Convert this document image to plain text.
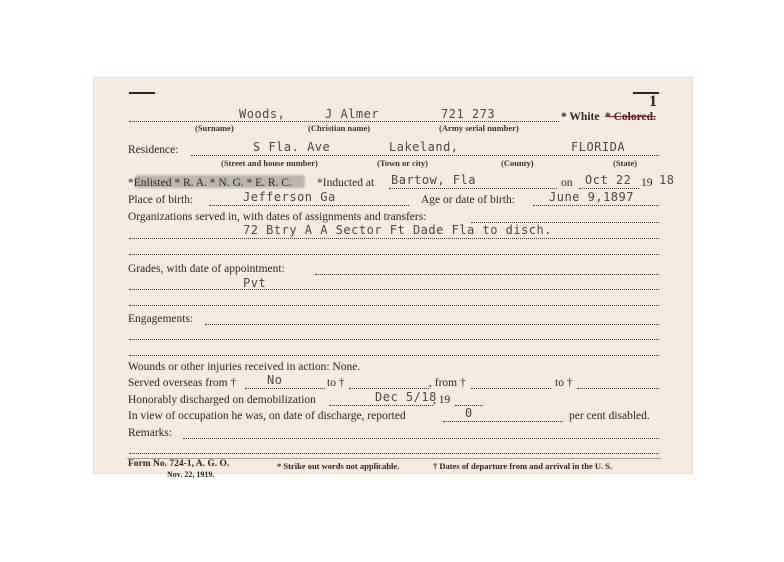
1
Woods,	J Almer	721 273	* White * Colored.
(Surname)	(Christian name)	(Army serial number)
Residence:	S Fla. Ave	Lakeland,	FLORIDA
(Street and house number)	(Town or city)	(County)	(State)
*Enlisted * R. A. * N. G. * E. R. C. *Inducted at Bartow, Fla	on Oct 22 19 18
Place of birth:	Jefferson Ga	Age or date of birth:	June 9,1897
Organizations served in, with dates of assignments and transfers:
72 Btry A A Sector Ft Dade Fla to disch.
Grades, with date of appointment:
Pvt
Engagements:
Wounds or other injuries received in action: None.
Served overseas from †	No	to †	, from †	to †
Honorably discharged on demobilization	Dec 5/18
, 19
In view of occupation he was, on date of discharge, reported	0	per cent disabled.
Remarks:
Form No. 724-1, A. G. O.
Nov. 22, 1919.
* Strike out words not applicable.	† Dates of departure from and arrival in the U. S.
